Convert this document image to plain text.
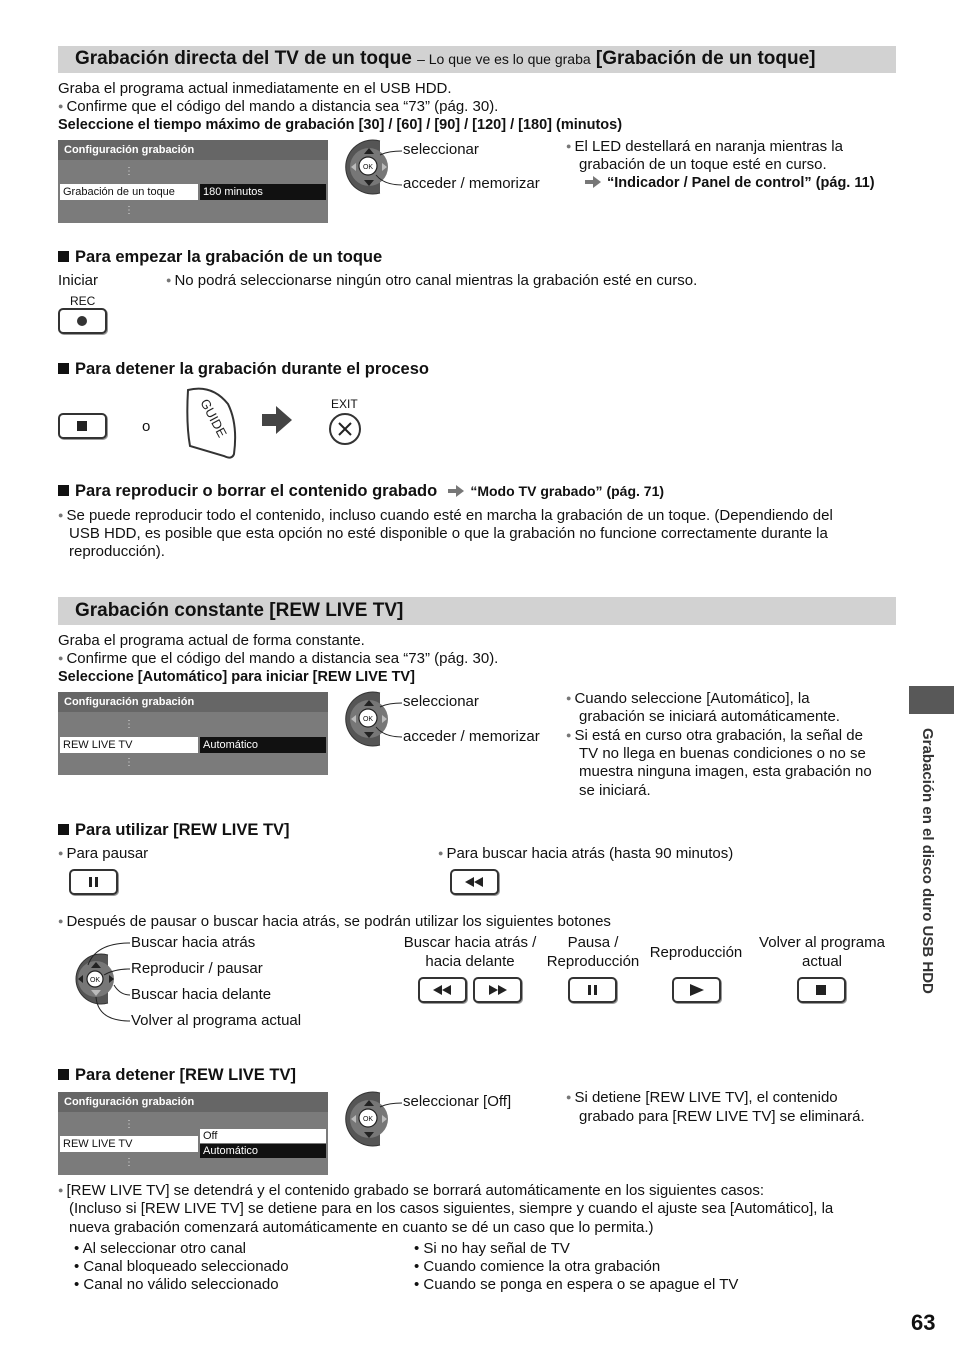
Grabación directa del TV de un toque – Lo que ve es lo que graba [Grabación de un toque]
Graba el programa actual inmediatamente en el USB HDD.
● Confirme que el código del mando a distancia sea “73” (pág. 30).
Seleccione el tiempo máximo de grabación [30] / [60] / [90] / [120] / [180] (minutos)
Configuración grabación
⋮
Grabación de un toque	180 minutos
⋮
OK
seleccionar
acceder / memorizar
● El LED destellará en naranja mientras la
grabación de un toque esté en curso.
“Indicador / Panel de control” (pág. 11)
Para empezar la grabación de un toque
Iniciar	● No podrá seleccionarse ningún otro canal mientras la grabación esté en curso.
REC
Para detener la grabación durante el proceso
o	GUIDE	EXIT
Para reproducir o borrar el contenido grabado “Modo TV grabado” (pág. 71)
● Se puede reproducir todo el contenido, incluso cuando esté en marcha la grabación de un toque. (Dependiendo del
USB HDD, es posible que esta opción no esté disponible o que la grabación no funcione correctamente durante la
reproducción).
Grabación constante [REW LIVE TV]
Graba el programa actual de forma constante.
● Confirme que el código del mando a distancia sea “73” (pág. 30).
Seleccione [Automático] para iniciar [REW LIVE TV]
Configuración grabación
⋮
REW LIVE TV	Automático
⋮
OK
seleccionar
acceder / memorizar
● Cuando seleccione [Automático], la
grabación se iniciará automáticamente.
● Si está en curso otra grabación, la señal de
TV no llega en buenas condiciones o no se
muestra ninguna imagen, esta grabación no
se iniciará.
Para utilizar [REW LIVE TV]
● Para pausar	● Para buscar hacia atrás (hasta 90 minutos)
● Después de pausar o buscar hacia atrás, se podrán utilizar los siguientes botones
OK
Buscar hacia atrás
Reproducir / pausar
Buscar hacia delante
Volver al programa actual
Buscar hacia atrás /
hacia delante
Pausa /
Reproducción
Reproducción
Volver al programa
actual
Para detener [REW LIVE TV]
Configuración grabación
⋮
REW LIVE TV
Off
Automático
⋮
OK
seleccionar [Off]	● Si detiene [REW LIVE TV], el contenido
grabado para [REW LIVE TV] se eliminará.
● [REW LIVE TV] se detendrá y el contenido grabado se borrará automáticamente en los siguientes casos:
(Incluso si [REW LIVE TV] se detiene para en los casos siguientes, siempre y cuando el ajuste sea [Automático], la
nueva grabación comenzará automáticamente en cuanto se dé un caso que lo permita.)
• Al seleccionar otro canal
• Canal bloqueado seleccionado
• Canal no válido seleccionado
• Si no hay señal de TV
• Cuando comience la otra grabación
• Cuando se ponga en espera o se apague el TV
Grabación en el disco duro USB HDD
63
